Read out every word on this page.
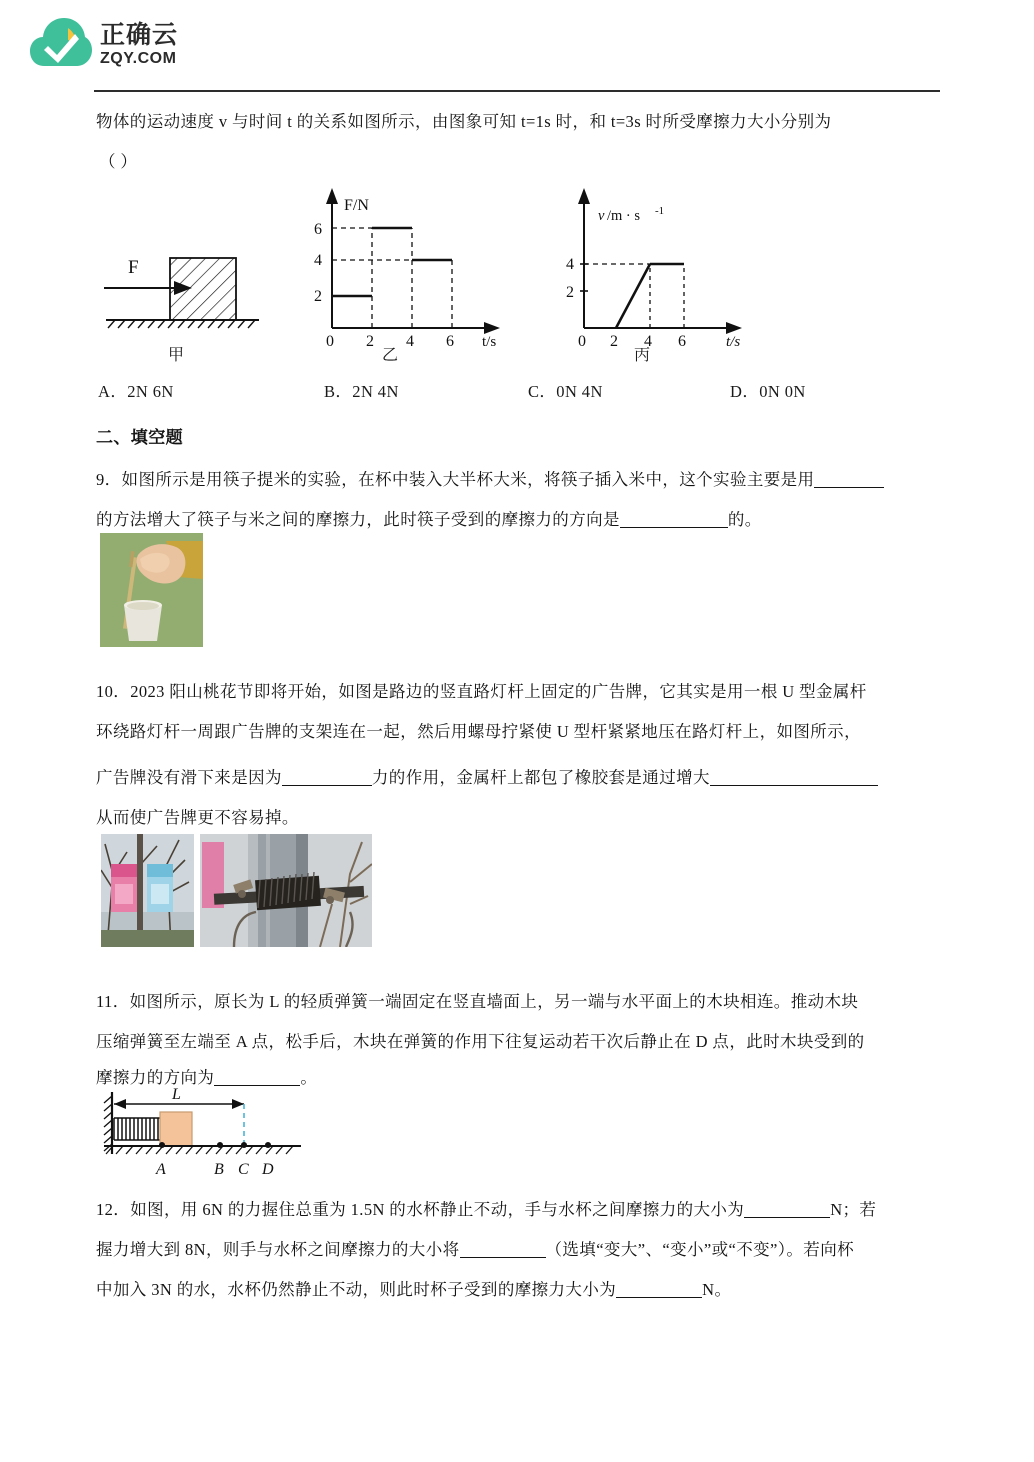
正确云
ZQY.COM
物体的运动速度 v 与时间 t 的关系如图所示，由图象可知 t=1s 时，和 t=3s 时所受摩擦力大小分别为
（ ）
F
甲
F/N
t/s
2
4
6
0 2 4 6
乙
v /m · s -1
t/s
2
4
0 2 4 6
丙
A．2N 6N	B．2N 4N	C．0N 4N	D．0N 0N
二、填空题
9．如图所示是用筷子提米的实验，在杯中装入大半杯大米，将筷子插入米中，这个实验主要是用
的方法增大了筷子与米之间的摩擦力，此时筷子受到的摩擦力的方向是	的。
10．2023 阳山桃花节即将开始，如图是路边的竖直路灯杆上固定的广告牌，它其实是用一根 U 型金属杆
环绕路灯杆一周跟广告牌的支架连在一起，然后用螺母拧紧使 U 型杆紧紧地压在路灯杆上，如图所示，
广告牌没有滑下来是因为	力的作用，金属杆上都包了橡胶套是通过增大
从而使广告牌更不容易掉。
11．如图所示，原长为 L 的轻质弹簧一端固定在竖直墙面上，另一端与水平面上的木块相连。推动木块
压缩弹簧至左端至 A 点，松手后，木块在弹簧的作用下往复运动若干次后静止在 D 点，此时木块受到的
摩擦力的方向为	。
L
A	B C D
12．如图，用 6N 的力握住总重为 1.5N 的水杯静止不动，手与水杯之间摩擦力的大小为	N；若
握力增大到 8N，则手与水杯之间摩擦力的大小将	（选填“变大”、“变小”或“不变”）。若向杯
中加入 3N 的水，水杯仍然静止不动，则此时杯子受到的摩擦力大小为	N。
